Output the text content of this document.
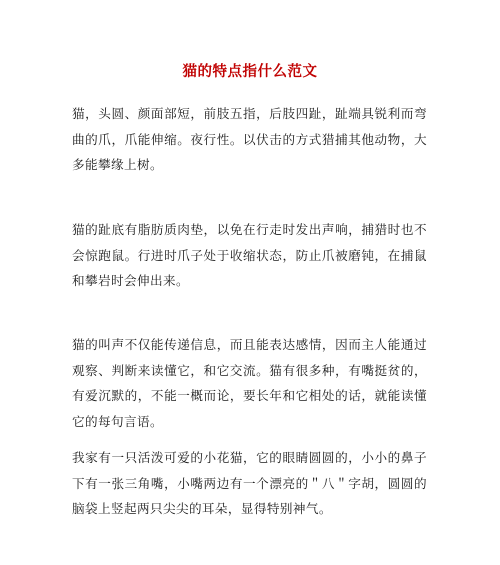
猫的特点指什么范文

猫，头圆、颜面部短，前肢五指，后肢四趾，趾端具锐利而弯曲的爪，爪能伸缩。夜行性。以伏击的方式猎捕其他动物，大多能攀缘上树。

猫的趾底有脂肪质肉垫，以免在行走时发出声响，捕猎时也不会惊跑鼠。行进时爪子处于收缩状态，防止爪被磨钝，在捕鼠和攀岩时会伸出来。

猫的叫声不仅能传递信息，而且能表达感情，因而主人能通过观察、判断来读懂它，和它交流。猫有很多种，有嘴挺贫的，有爱沉默的，不能一概而论，要长年和它相处的话，就能读懂它的每句言语。

我家有一只活泼可爱的小花猫，它的眼睛圆圆的，小小的鼻子下有一张三角嘴，小嘴两边有一个漂亮的＂八＂字胡，圆圆的脑袋上竖起两只尖尖的耳朵，显得特别神气。
